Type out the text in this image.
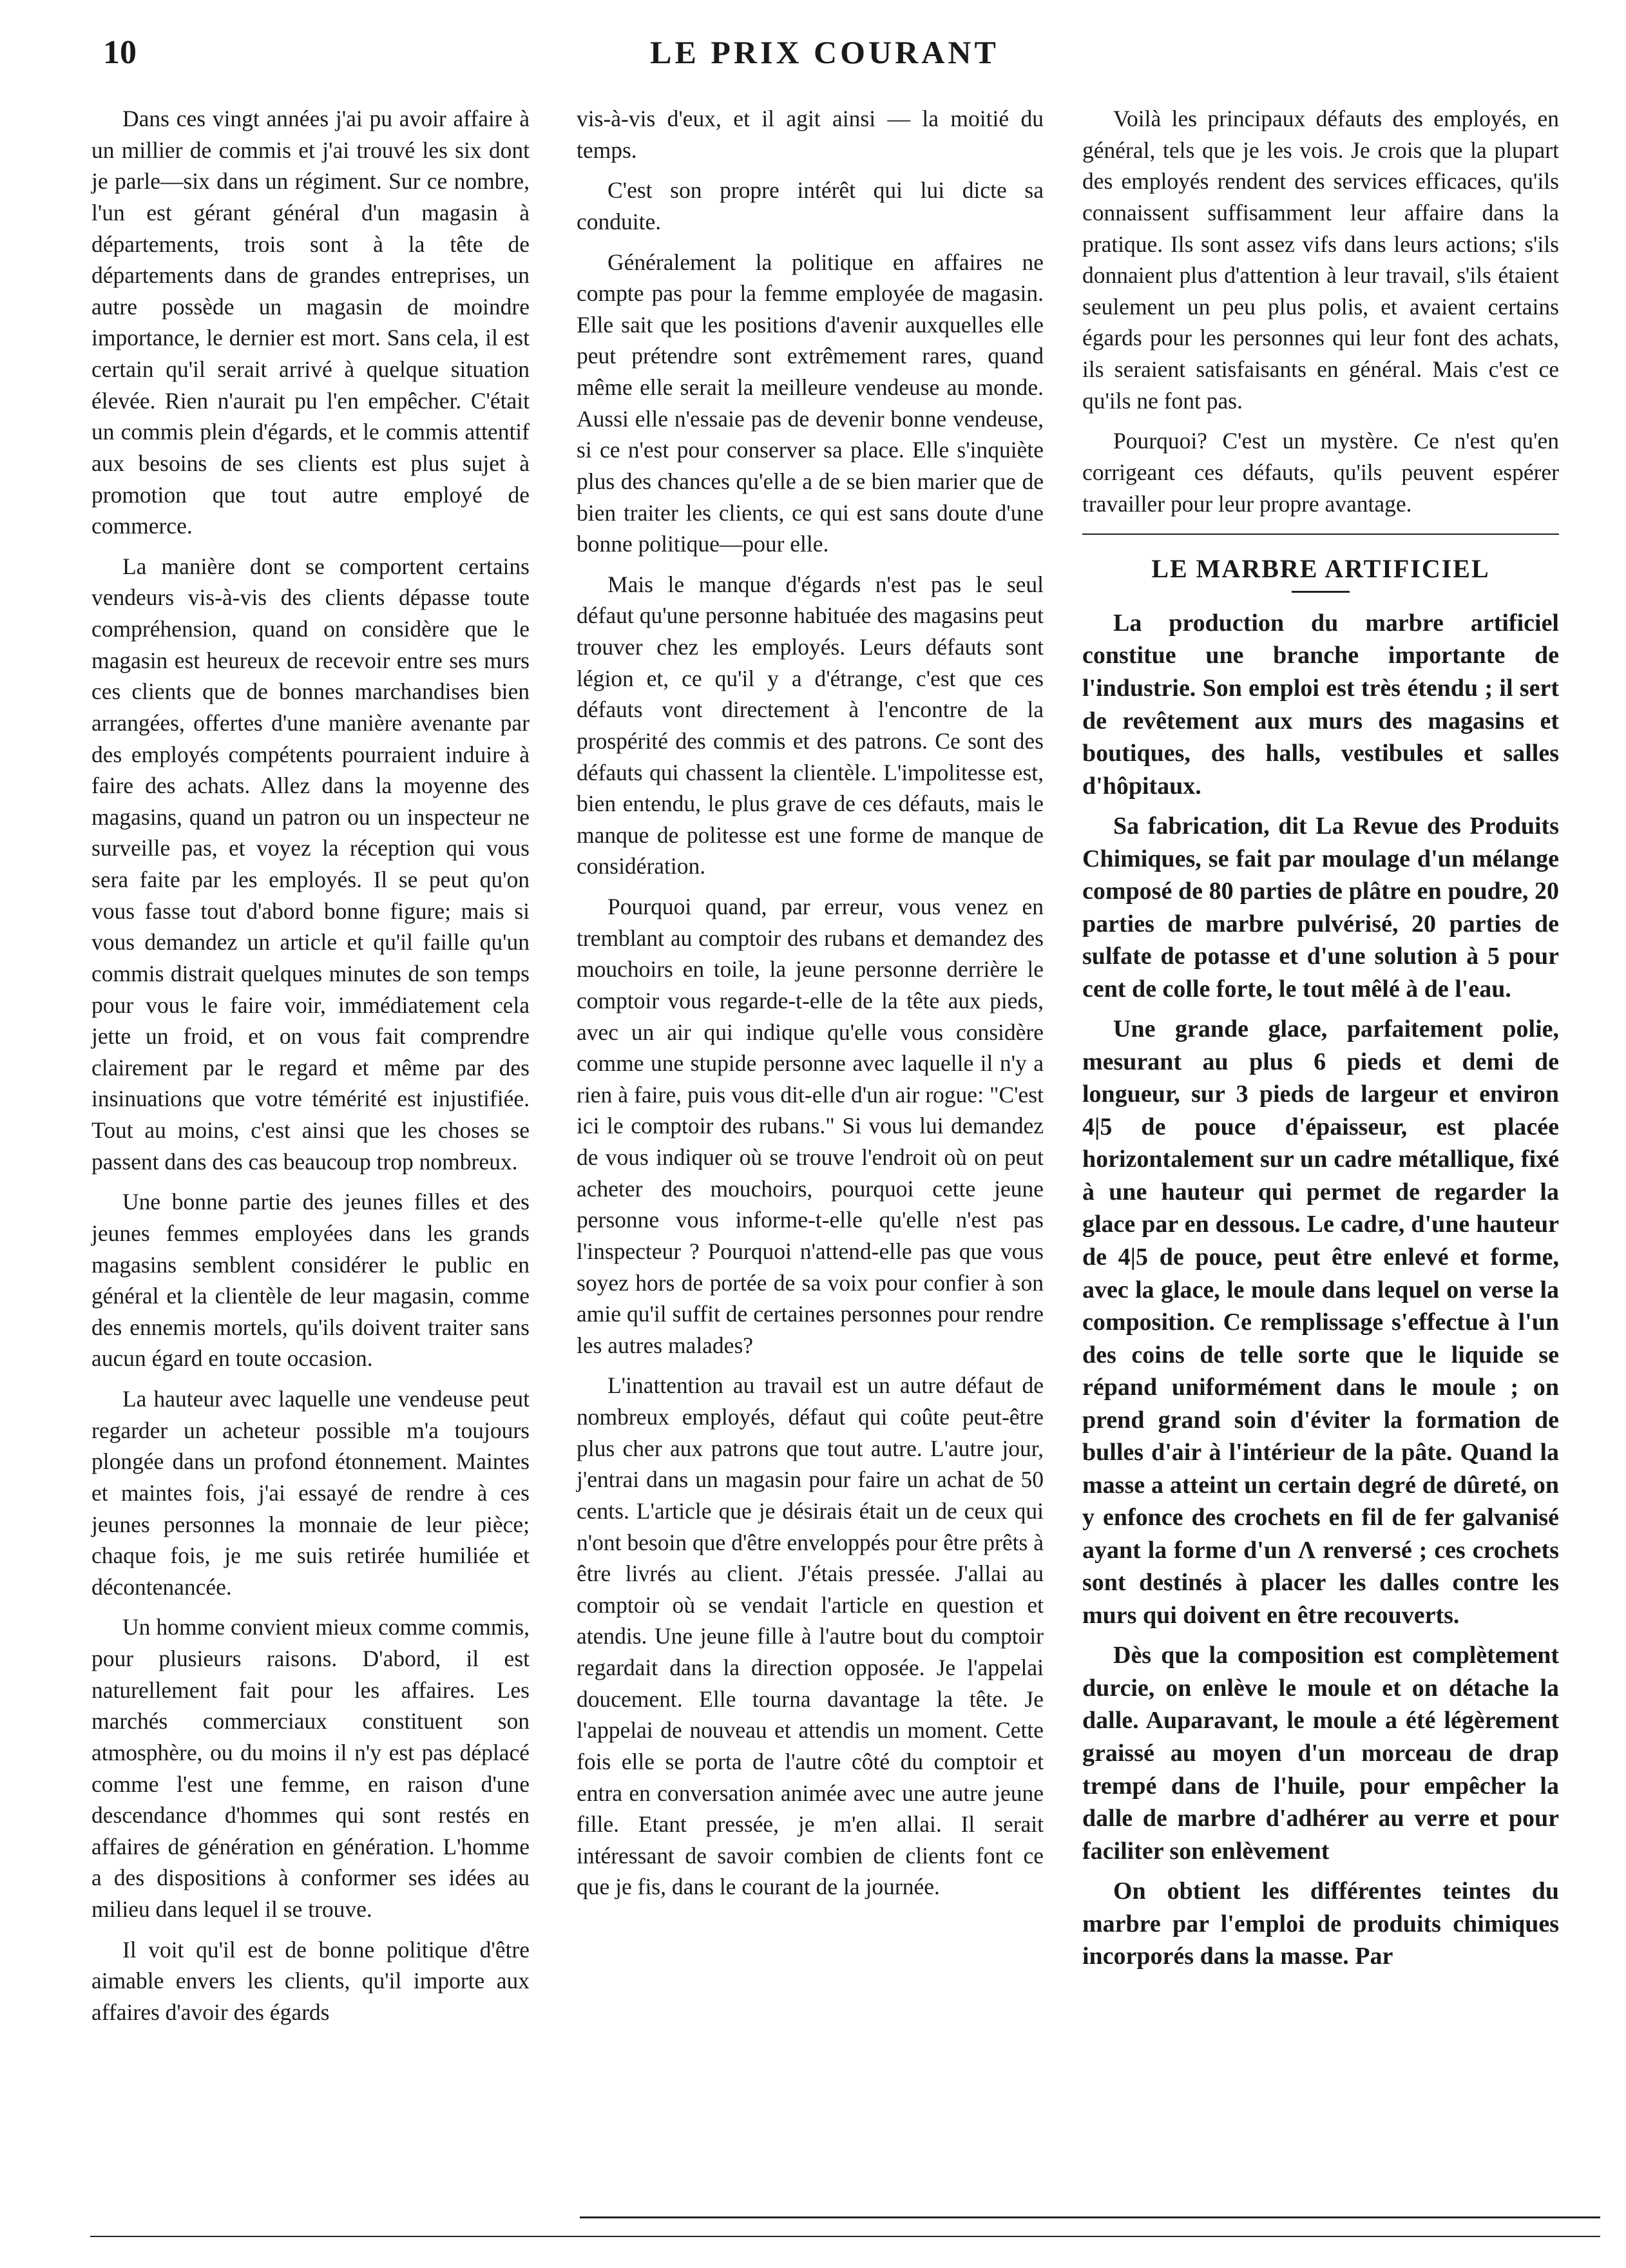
10	LE PRIX COURANT

Dans ces vingt années j'ai pu avoir affaire à un millier de commis et j'ai trouvé les six dont je parle—six dans un régiment. Sur ce nombre, l'un est gérant général d'un magasin à départements, trois sont à la tête de départements dans de grandes entreprises, un autre possède un magasin de moindre importance, le dernier est mort. Sans cela, il est certain qu'il serait arrivé à quelque situation élevée. Rien n'aurait pu l'en empêcher. C'était un commis plein d'égards, et le commis attentif aux besoins de ses clients est plus sujet à promotion que tout autre employé de commerce.

La manière dont se comportent certains vendeurs vis-à-vis des clients dépasse toute compréhension, quand on considère que le magasin est heureux de recevoir entre ses murs ces clients que de bonnes marchandises bien arrangées, offertes d'une manière avenante par des employés compétents pourraient induire à faire des achats. Allez dans la moyenne des magasins, quand un patron ou un inspecteur ne surveille pas, et voyez la réception qui vous sera faite par les employés. Il se peut qu'on vous fasse tout d'abord bonne figure; mais si vous demandez un article et qu'il faille qu'un commis distrait quelques minutes de son temps pour vous le faire voir, immédiatement cela jette un froid, et on vous fait comprendre clairement par le regard et même par des insinuations que votre témérité est injustifiée. Tout au moins, c'est ainsi que les choses se passent dans des cas beaucoup trop nombreux.

Une bonne partie des jeunes filles et des jeunes femmes employées dans les grands magasins semblent considérer le public en général et la clientèle de leur magasin, comme des ennemis mortels, qu'ils doivent traiter sans aucun égard en toute occasion.

La hauteur avec laquelle une vendeuse peut regarder un acheteur possible m'a toujours plongée dans un profond étonnement. Maintes et maintes fois, j'ai essayé de rendre à ces jeunes personnes la monnaie de leur pièce; chaque fois, je me suis retirée humiliée et décontenancée.

Un homme convient mieux comme commis, pour plusieurs raisons. D'abord, il est naturellement fait pour les affaires. Les marchés commerciaux constituent son atmosphère, ou du moins il n'y est pas déplacé comme l'est une femme, en raison d'une descendance d'hommes qui sont restés en affaires de génération en génération. L'homme a des dispositions à conformer ses idées au milieu dans lequel il se trouve.

Il voit qu'il est de bonne politique d'être aimable envers les clients, qu'il importe aux affaires d'avoir des égards

vis-à-vis d'eux, et il agit ainsi — la moitié du temps.

C'est son propre intérêt qui lui dicte sa conduite.

Généralement la politique en affaires ne compte pas pour la femme employée de magasin. Elle sait que les positions d'avenir auxquelles elle peut prétendre sont extrêmement rares, quand même elle serait la meilleure vendeuse au monde. Aussi elle n'essaie pas de devenir bonne vendeuse, si ce n'est pour conserver sa place. Elle s'inquiète plus des chances qu'elle a de se bien marier que de bien traiter les clients, ce qui est sans doute d'une bonne politique—pour elle.

Mais le manque d'égards n'est pas le seul défaut qu'une personne habituée des magasins peut trouver chez les employés. Leurs défauts sont légion et, ce qu'il y a d'étrange, c'est que ces défauts vont directement à l'encontre de la prospérité des commis et des patrons. Ce sont des défauts qui chassent la clientèle. L'impolitesse est, bien entendu, le plus grave de ces défauts, mais le manque de politesse est une forme de manque de considération.

Pourquoi quand, par erreur, vous venez en tremblant au comptoir des rubans et demandez des mouchoirs en toile, la jeune personne derrière le comptoir vous regarde-t-elle de la tête aux pieds, avec un air qui indique qu'elle vous considère comme une stupide personne avec laquelle il n'y a rien à faire, puis vous dit-elle d'un air rogue: "C'est ici le comptoir des rubans." Si vous lui demandez de vous indiquer où se trouve l'endroit où on peut acheter des mouchoirs, pourquoi cette jeune personne vous informe-t-elle qu'elle n'est pas l'inspecteur ? Pourquoi n'attend-elle pas que vous soyez hors de portée de sa voix pour confier à son amie qu'il suffit de certaines personnes pour rendre les autres malades?

L'inattention au travail est un autre défaut de nombreux employés, défaut qui coûte peut-être plus cher aux patrons que tout autre. L'autre jour, j'entrai dans un magasin pour faire un achat de 50 cents. L'article que je désirais était un de ceux qui n'ont besoin que d'être enveloppés pour être prêts à être livrés au client. J'étais pressée. J'allai au comptoir où se vendait l'article en question et atendis. Une jeune fille à l'autre bout du comptoir regardait dans la direction opposée. Je l'appelai doucement. Elle tourna davantage la tête. Je l'appelai de nouveau et attendis un moment. Cette fois elle se porta de l'autre côté du comptoir et entra en conversation animée avec une autre jeune fille. Etant pressée, je m'en allai. Il serait intéressant de savoir combien de clients font ce que je fis, dans le courant de la journée.

Voilà les principaux défauts des employés, en général, tels que je les vois. Je crois que la plupart des employés rendent des services efficaces, qu'ils connaissent suffisamment leur affaire dans la pratique. Ils sont assez vifs dans leurs actions; s'ils donnaient plus d'attention à leur travail, s'ils étaient seulement un peu plus polis, et avaient certains égards pour les personnes qui leur font des achats, ils seraient satisfaisants en général. Mais c'est ce qu'ils ne font pas.

Pourquoi? C'est un mystère. Ce n'est qu'en corrigeant ces défauts, qu'ils peuvent espérer travailler pour leur propre avantage.

LE MARBRE ARTIFICIEL

La production du marbre artificiel constitue une branche importante de l'industrie. Son emploi est très étendu ; il sert de revêtement aux murs des magasins et boutiques, des halls, vestibules et salles d'hôpitaux.

Sa fabrication, dit La Revue des Produits Chimiques, se fait par moulage d'un mélange composé de 80 parties de plâtre en poudre, 20 parties de marbre pulvérisé, 20 parties de sulfate de potasse et d'une solution à 5 pour cent de colle forte, le tout mêlé à de l'eau.

Une grande glace, parfaitement polie, mesurant au plus 6 pieds et demi de longueur, sur 3 pieds de largeur et environ 4|5 de pouce d'épaisseur, est placée horizontalement sur un cadre métallique, fixé à une hauteur qui permet de regarder la glace par en dessous. Le cadre, d'une hauteur de 4|5 de pouce, peut être enlevé et forme, avec la glace, le moule dans lequel on verse la composition. Ce remplissage s'effectue à l'un des coins de telle sorte que le liquide se répand uniformément dans le moule ; on prend grand soin d'éviter la formation de bulles d'air à l'intérieur de la pâte. Quand la masse a atteint un certain degré de dûreté, on y enfonce des crochets en fil de fer galvanisé ayant la forme d'un Λ renversé ; ces crochets sont destinés à placer les dalles contre les murs qui doivent en être recouverts.

Dès que la composition est complètement durcie, on enlève le moule et on détache la dalle. Auparavant, le moule a été légèrement graissé au moyen d'un morceau de drap trempé dans de l'huile, pour empêcher la dalle de marbre d'adhérer au verre et pour faciliter son enlèvement

On obtient les différentes teintes du marbre par l'emploi de produits chimiques incorporés dans la masse. Par
